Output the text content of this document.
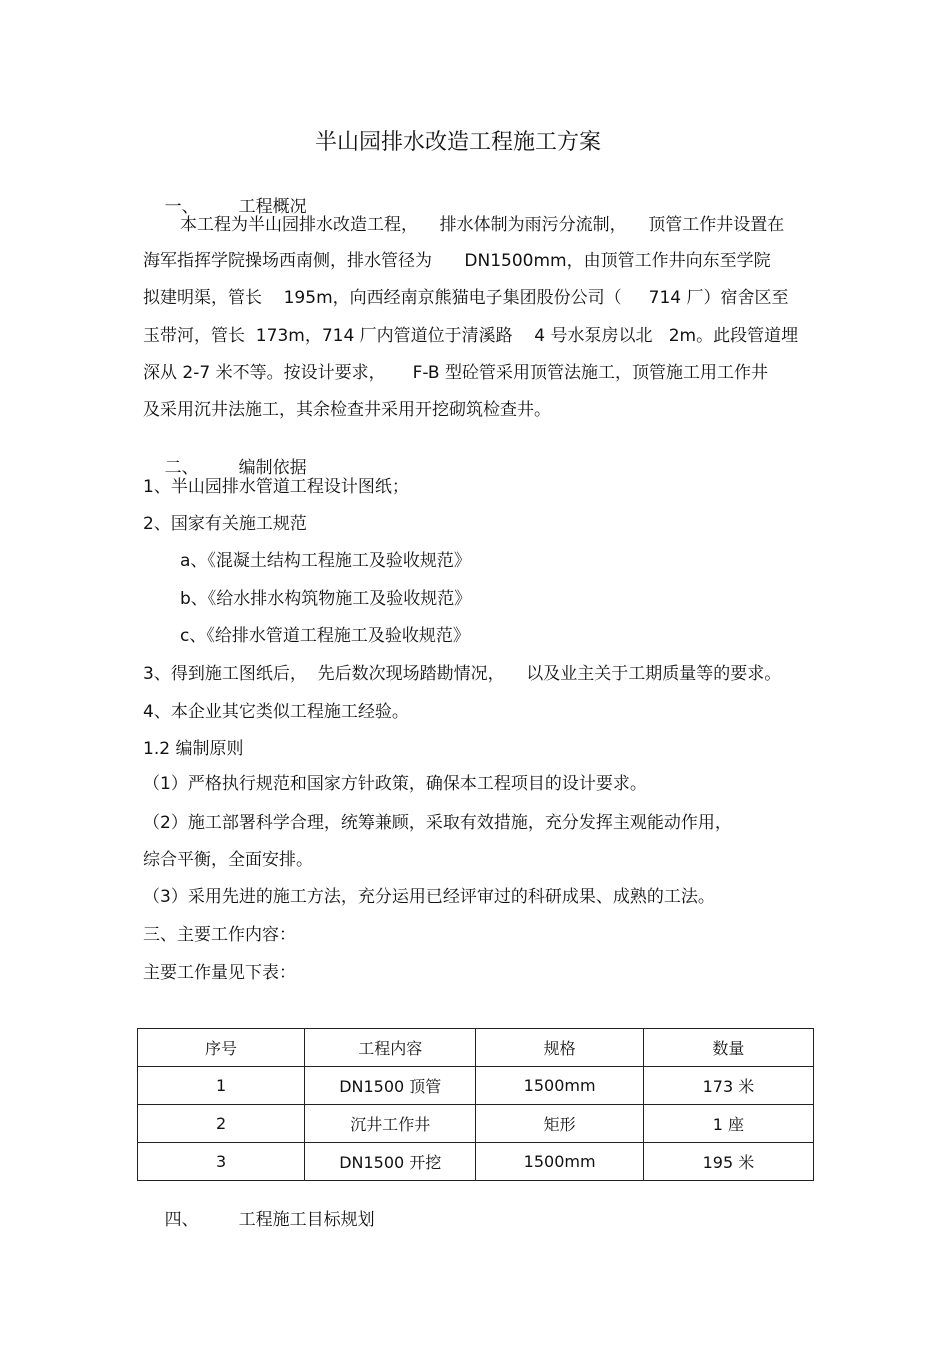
半山园排水改造工程施工方案

一、 工程概况

本工程为半山园排水改造工程，    排水体制为雨污分流制，    顶管工作井设置在
海军指挥学院操场西南侧，排水管径为      DN1500mm，由顶管工作井向东至学院
拟建明渠，管长    195m，向西经南京熊猫电子集团股份公司（     714 厂）宿舍区至
玉带河，管长  173m，714 厂内管道位于清溪路    4 号水泵房以北   2m。此段管道埋
深从 2-7 米不等。按设计要求，     F-B 型砼管采用顶管法施工，顶管施工用工作井
及采用沉井法施工，其余检查井采用开挖砌筑检查井。

二、 编制依据

1、半山园排水管道工程设计图纸；
2、国家有关施工规范
a、《混凝土结构工程施工及验收规范》
b、《给水排水构筑物施工及验收规范》
c、《给排水管道工程施工及验收规范》
3、得到施工图纸后，  先后数次现场踏勘情况，    以及业主关于工期质量等的要求。
4、本企业其它类似工程施工经验。
1.2 编制原则
（1）严格执行规范和国家方针政策，确保本工程项目的设计要求。
（2）施工部署科学合理，统筹兼顾，采取有效措施，充分发挥主观能动作用，
综合平衡，全面安排。
（3）采用先进的施工方法，充分运用已经评审过的科研成果、成熟的工法。
三、主要工作内容：
主要工作量见下表：
序号	工程内容	规格	数量
1	DN1500 顶管	1500mm	173 米
2	沉井工作井	矩形	1 座
3	DN1500 开挖	1500mm	195 米

四、 工程施工目标规划
